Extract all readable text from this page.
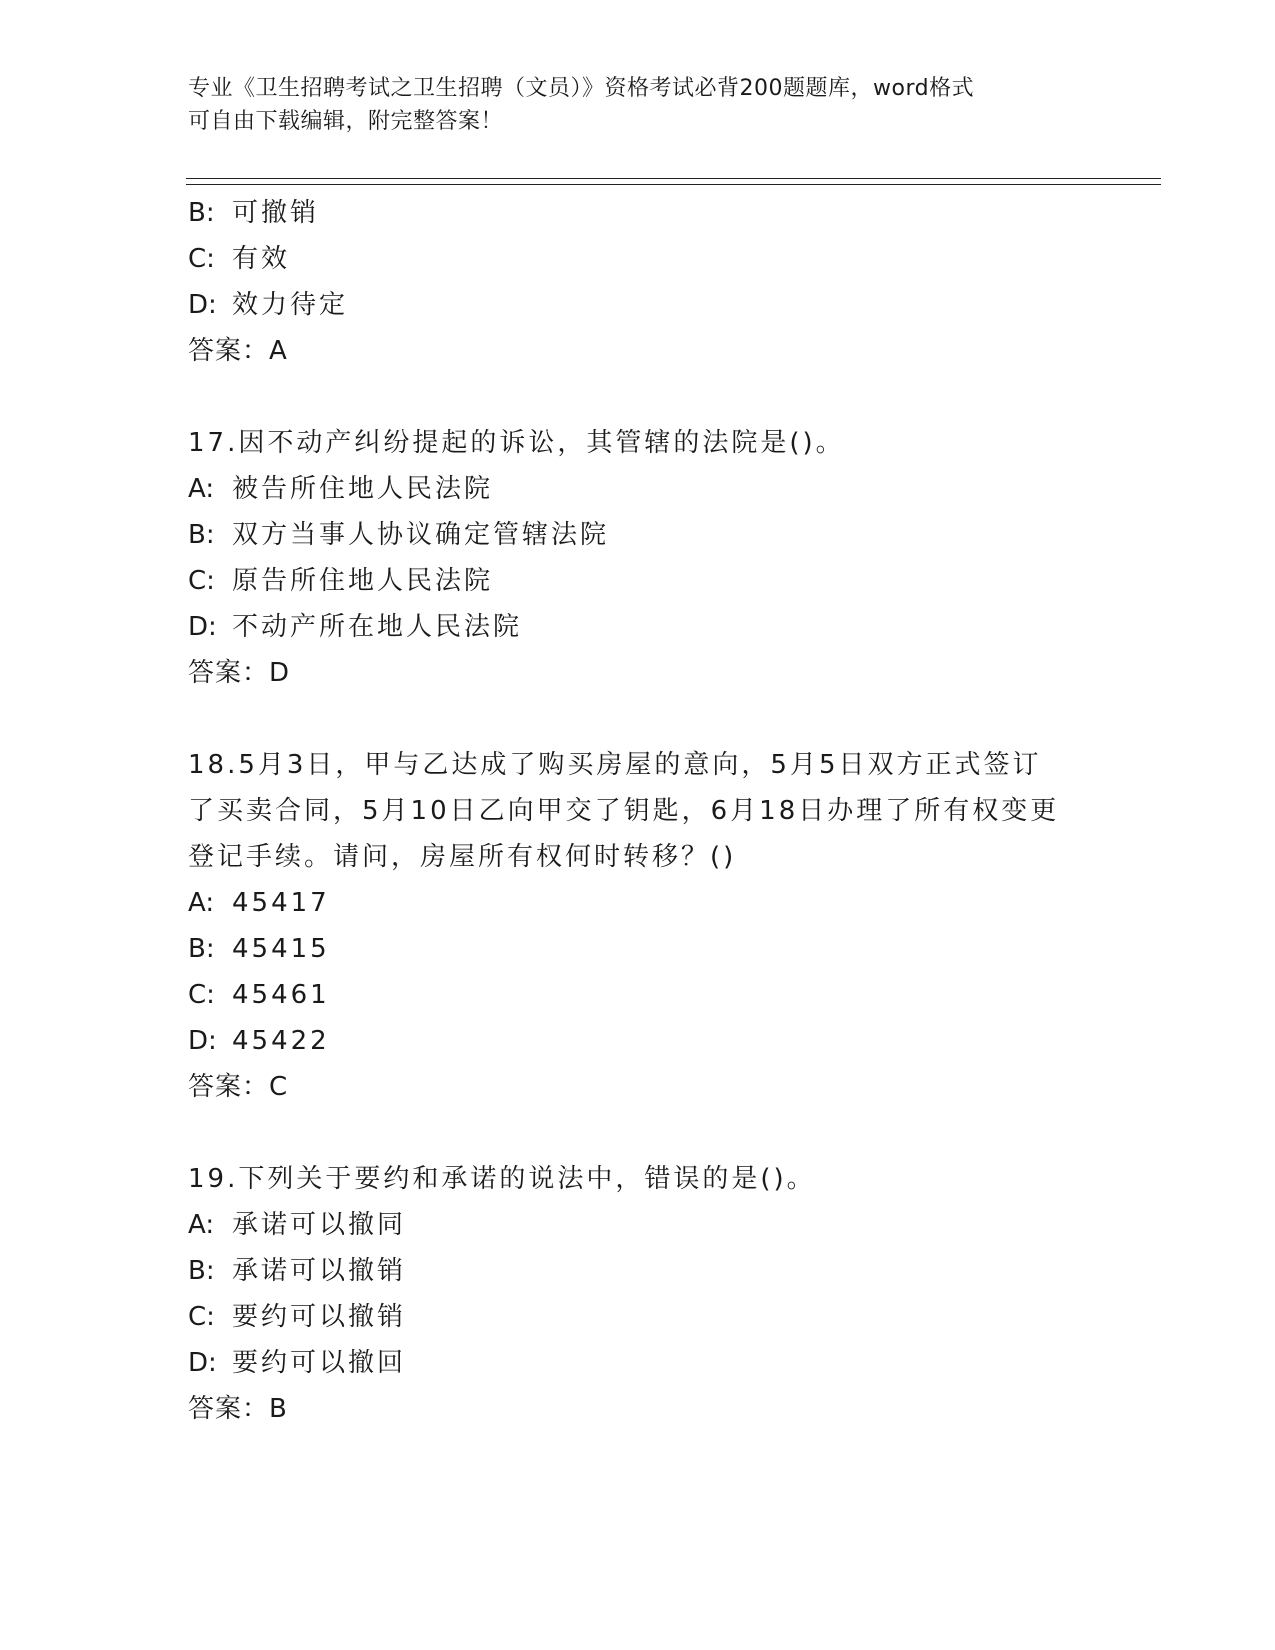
专业《卫生招聘考试之卫生招聘（文员）》资格考试必背200题题库，word格式
可自由下载编辑，附完整答案！
B: 可撤销
C: 有效
D: 效力待定
答案：A
17.因不动产纠纷提起的诉讼，其管辖的法院是()。
A: 被告所住地人民法院
B: 双方当事人协议确定管辖法院
C: 原告所住地人民法院
D: 不动产所在地人民法院
答案：D
18.5月3日，甲与乙达成了购买房屋的意向，5月5日双方正式签订
了买卖合同，5月10日乙向甲交了钥匙，6月18日办理了所有权变更
登记手续。请问，房屋所有权何时转移？()
A: 45417
B: 45415
C: 45461
D: 45422
答案：C
19.下列关于要约和承诺的说法中，错误的是()。
A: 承诺可以撤同
B: 承诺可以撤销
C: 要约可以撤销
D: 要约可以撤回
答案：B
